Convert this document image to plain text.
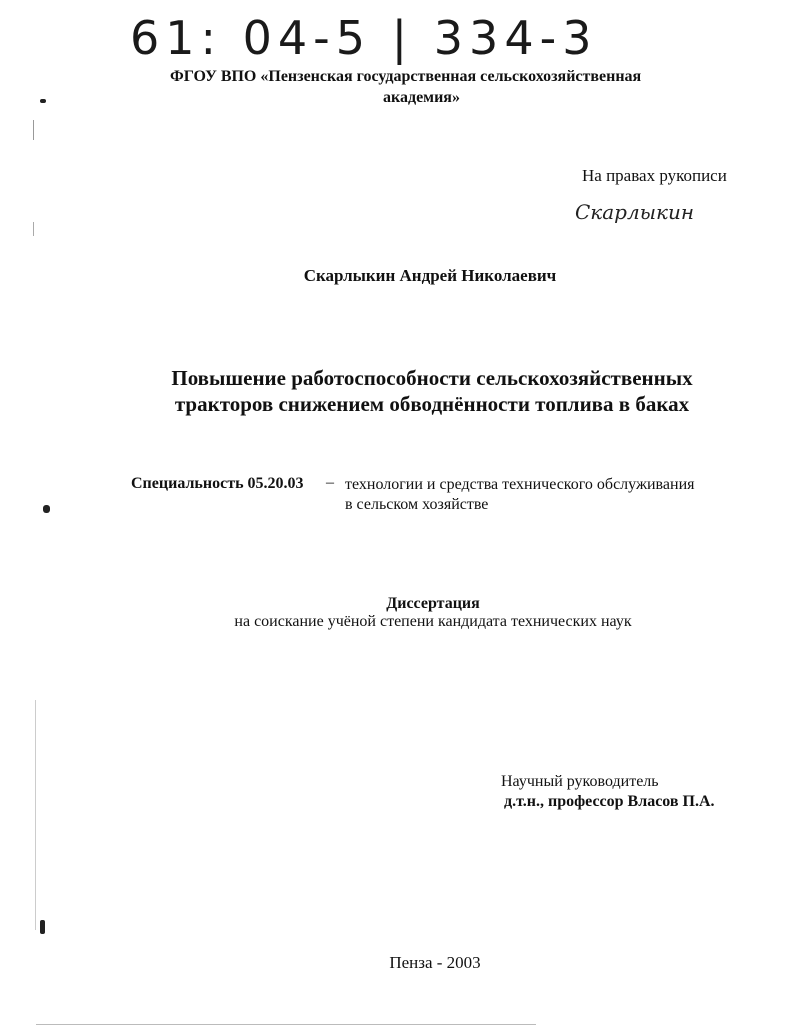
61: 04-5 | 334-3
ФГОУ ВПО «Пензенская государственная сельскохозяйственная
академия»
На правах рукописи
Скарлыкин
Скарлыкин Андрей Николаевич
Повышение работоспособности сельскохозяйственных
тракторов снижением обводнённости топлива в баках
Специальность 05.20.03 – технологии и средства технического обслуживания
в сельском хозяйстве
Диссертация
на соискание учёной степени кандидата технических наук
Научный руководитель
д.т.н., профессор Власов П.А.
Пенза - 2003
